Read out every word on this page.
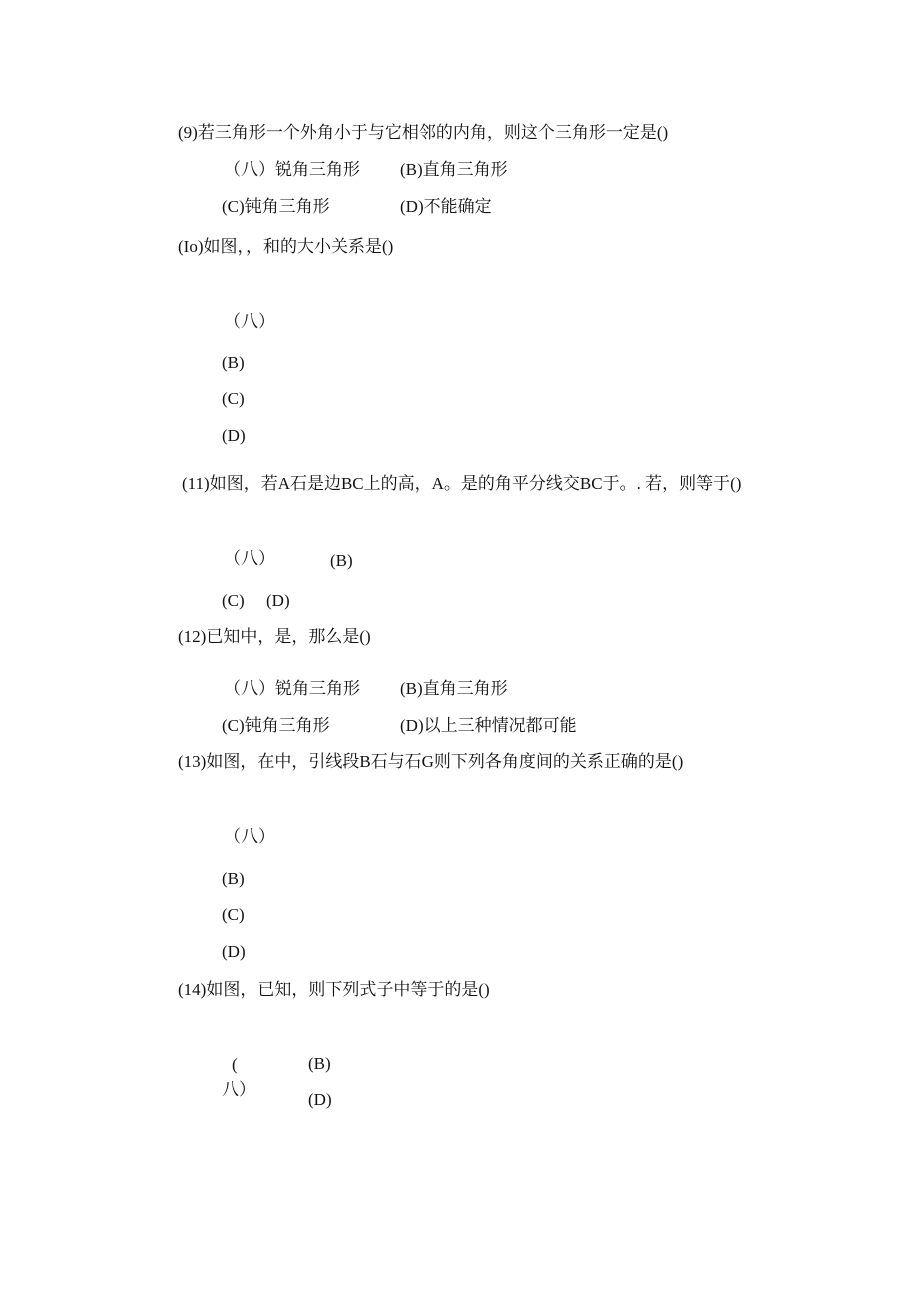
(9)若三角形一个外角小于与它相邻的内角，则这个三角形一定是()
（八）锐角三角形 (B)直角三角形
(C)钝角三角形	(D)不能确定
(Io)如图，，和的大小关系是()
（八）
(B)
(C)
(D)
(11)如图，若A石是边BC上的高，A。是的角平分线交BC于。. 若，则等于()
（八）	(B)
(C) (D)
(12)已知中，是，那么是()
（八）锐角三角形 (B)直角三角形
(C)钝角三角形	(D)以上三种情况都可能
(13)如图，在中，引线段B石与石G则下列各角度间的关系正确的是()
（八）
(B)
(C)
(D)
(14)如图，已知，则下列式子中等于的是()
(
八）
(B)
(D)
